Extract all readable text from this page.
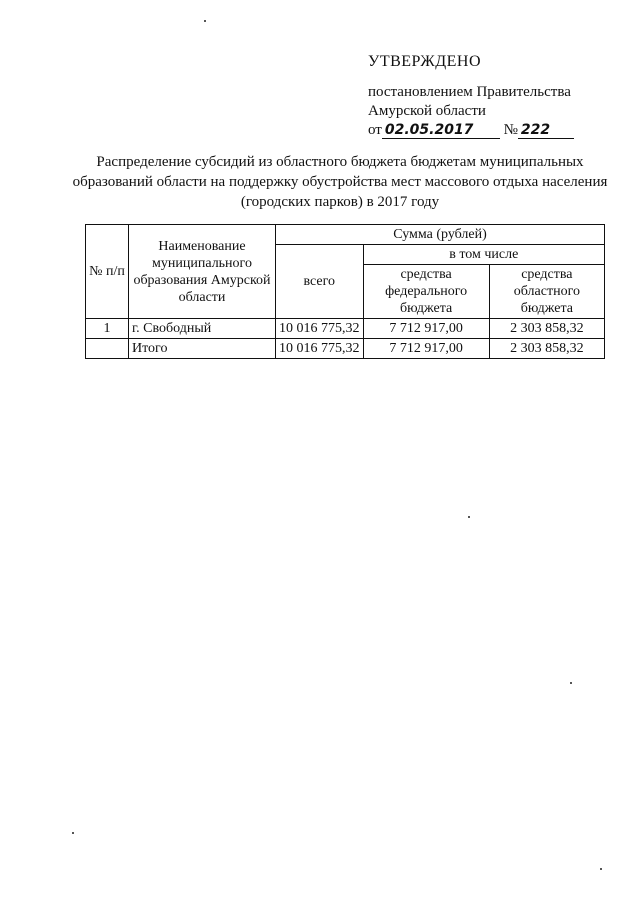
УТВЕРЖДЕНО
постановлением Правительства
Амурской области
от 02.05.2017 № 222
Распределение субсидий из областного бюджета бюджетам муниципальных образований области на поддержку обустройства мест массового отдыха населения (городских парков) в 2017 году
№ п/п	Наименование муниципального образования Амурской области	Сумма (рублей)		
		всего	в том числе	
			средства федерального бюджета	средства областного бюджета
1	г. Свободный	10 016 775,32	7 712 917,00	2 303 858,32
	Итого	10 016 775,32	7 712 917,00	2 303 858,32
